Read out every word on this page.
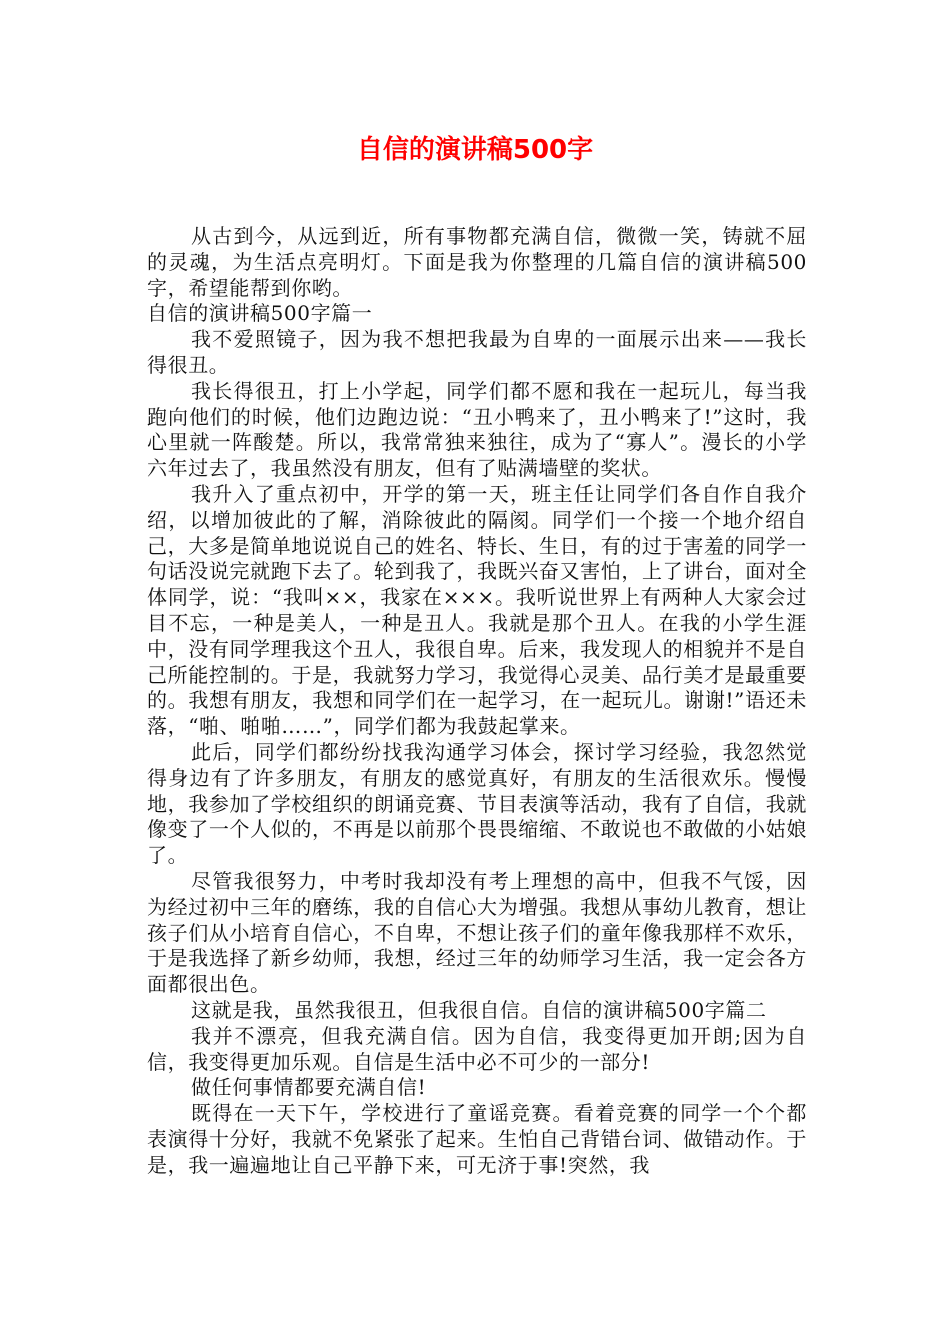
自信的演讲稿500字

从古到今，从远到近，所有事物都充满自信，微微一笑，铸就不屈的灵魂，为生活点亮明灯。下面是我为你整理的几篇自信的演讲稿500字，希望能帮到你哟。

自信的演讲稿500字篇一

我不爱照镜子，因为我不想把我最为自卑的一面展示出来——我长得很丑。

我长得很丑，打上小学起，同学们都不愿和我在一起玩儿，每当我跑向他们的时候，他们边跑边说：“丑小鸭来了，丑小鸭来了!”这时，我心里就一阵酸楚。所以，我常常独来独往，成为了“寡人”。漫长的小学六年过去了，我虽然没有朋友，但有了贴满墙壁的奖状。

我升入了重点初中，开学的第一天，班主任让同学们各自作自我介绍，以增加彼此的了解，消除彼此的隔阂。同学们一个接一个地介绍自己，大多是简单地说说自己的姓名、特长、生日，有的过于害羞的同学一句话没说完就跑下去了。轮到我了，我既兴奋又害怕，上了讲台，面对全体同学，说：“我叫××，我家在×××。我听说世界上有两种人大家会过目不忘，一种是美人，一种是丑人。我就是那个丑人。在我的小学生涯中，没有同学理我这个丑人，我很自卑。后来，我发现人的相貌并不是自己所能控制的。于是，我就努力学习，我觉得心灵美、品行美才是最重要的。我想有朋友，我想和同学们在一起学习，在一起玩儿。谢谢!”语还未落，“啪、啪啪……”，同学们都为我鼓起掌来。

此后，同学们都纷纷找我沟通学习体会，探讨学习经验，我忽然觉得身边有了许多朋友，有朋友的感觉真好，有朋友的生活很欢乐。慢慢地，我参加了学校组织的朗诵竞赛、节目表演等活动，我有了自信，我就像变了一个人似的，不再是以前那个畏畏缩缩、不敢说也不敢做的小姑娘了。

尽管我很努力，中考时我却没有考上理想的高中，但我不气馁，因为经过初中三年的磨练，我的自信心大为增强。我想从事幼儿教育，想让孩子们从小培育自信心，不自卑，不想让孩子们的童年像我那样不欢乐，于是我选择了新乡幼师，我想，经过三年的幼师学习生活，我一定会各方面都很出色。

这就是我，虽然我很丑，但我很自信。自信的演讲稿500字篇二

我并不漂亮，但我充满自信。因为自信，我变得更加开朗;因为自信，我变得更加乐观。自信是生活中必不可少的一部分!

做任何事情都要充满自信!

既得在一天下午，学校进行了童谣竞赛。看着竞赛的同学一个个都表演得十分好，我就不免紧张了起来。生怕自己背错台词、做错动作。于是，我一遍遍地让自己平静下来，可无济于事!突然，我
